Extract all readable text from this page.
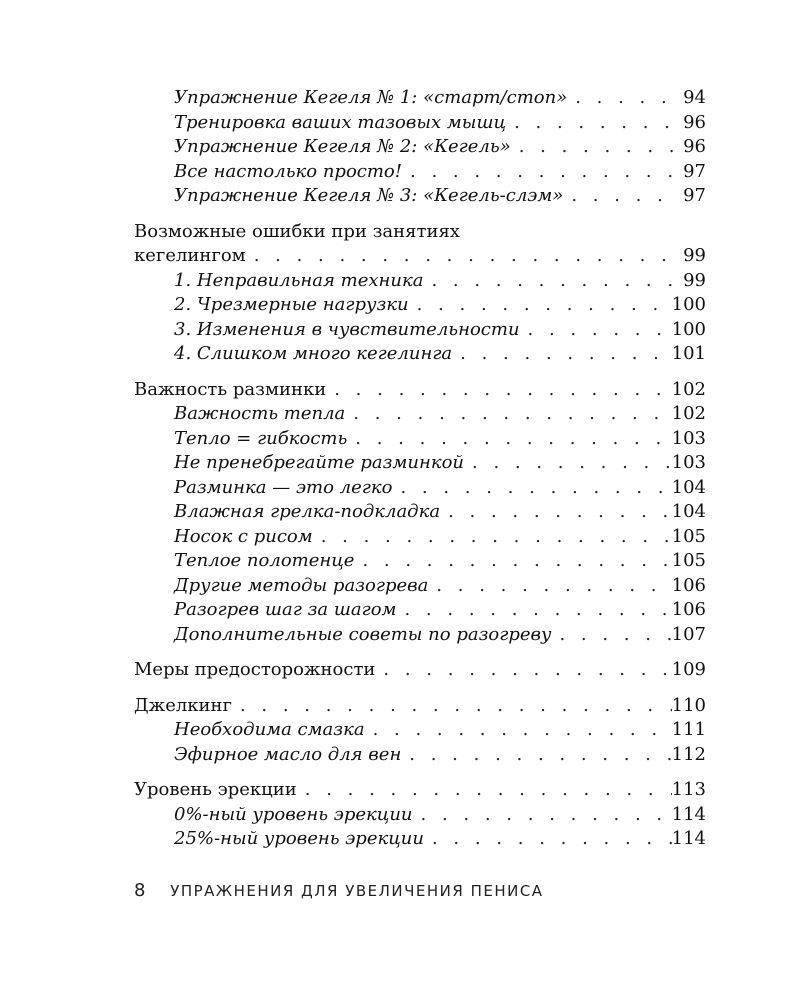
Упражнение Кегеля № 1: «старт/стоп» . . .	94
Тренировка ваших тазовых мышц . . .	96
Упражнение Кегеля № 2: «Кегель» . . .	96
Все настолько просто! . . .	97
Упражнение Кегеля № 3: «Кегель-слэм» . . .	97
Возможные ошибки при занятиях
кегелингом . . .	99
1. Неправильная техника . . .	99
2. Чрезмерные нагрузки . . .	100
3. Изменения в чувствительности . . .	100
4. Слишком много кегелинга . . .	101
Важность разминки . . .	102
Важность тепла . . .	102
Тепло = гибкость . . .	103
Не пренебрегайте разминкой . . .	103
Разминка — это легко . . .	104
Влажная грелка-подкладка . . .	104
Носок с рисом . . .	105
Теплое полотенце . . .	105
Другие методы разогрева . . .	106
Разогрев шаг за шагом . . .	106
Дополнительные советы по разогреву . . .	107
Меры предосторожности . . .	109
Джелкинг . . .	110
Необходима смазка . . .	111
Эфирное масло для вен . . .	112
Уровень эрекции . . .	113
0%-ный уровень эрекции . . .	114
25%-ный уровень эрекции . . .	114
8 УПРАЖНЕНИЯ ДЛЯ УВЕЛИЧЕНИЯ ПЕНИСА
